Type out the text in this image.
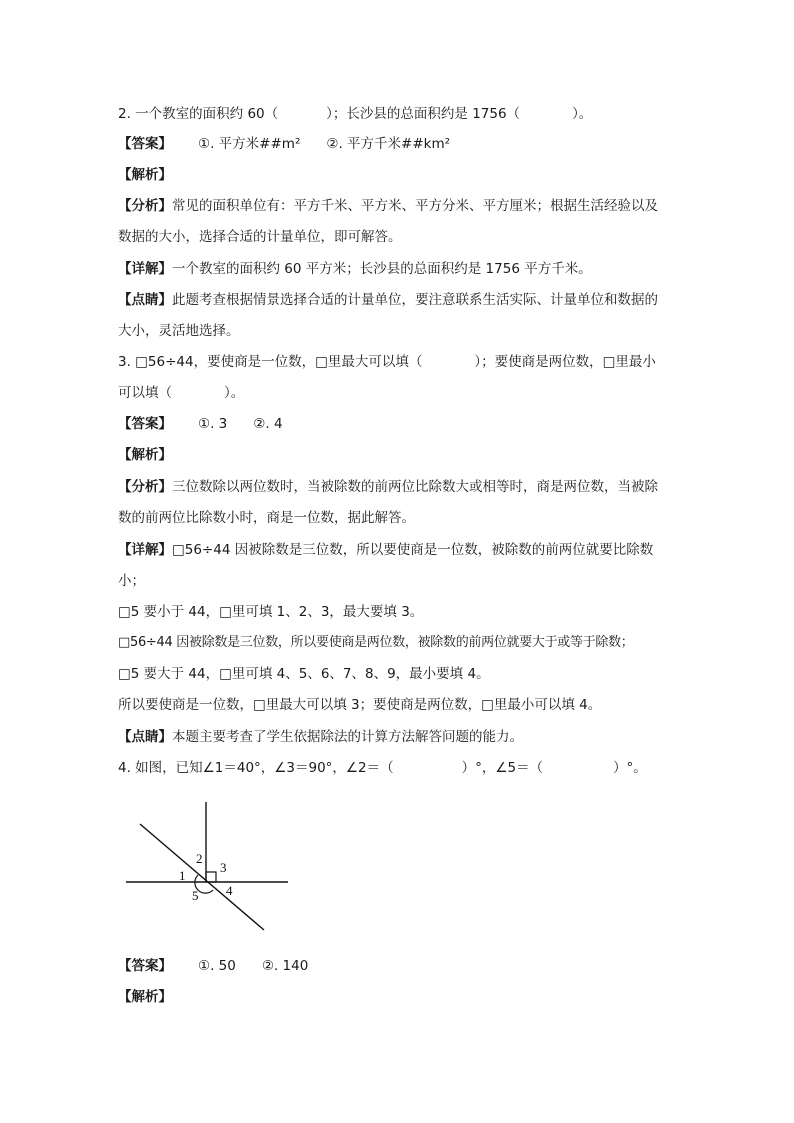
2. 一个教室的面积约 60（	）；长沙县的总面积约是 1756（	）。
【答案】 ①. 平方米##m² ②. 平方千米##km²
【解析】
【分析】常见的面积单位有：平方千米、平方米、平方分米、平方厘米；根据生活经验以及
数据的大小，选择合适的计量单位，即可解答。
【详解】一个教室的面积约 60 平方米；长沙县的总面积约是 1756 平方千米。
【点睛】此题考查根据情景选择合适的计量单位，要注意联系生活实际、计量单位和数据的
大小，灵活地选择。
3. □56÷44，要使商是一位数，□里最大可以填（	）；要使商是两位数，□里最小
可以填（	）。
【答案】 ①. 3 ②. 4
【解析】
【分析】三位数除以两位数时，当被除数的前两位比除数大或相等时，商是两位数，当被除
数的前两位比除数小时，商是一位数，据此解答。
【详解】□56÷44 因被除数是三位数，所以要使商是一位数，被除数的前两位就要比除数
小；
□5 要小于 44，□里可填 1、2、3，最大要填 3。
□56÷44 因被除数是三位数，所以要使商是两位数，被除数的前两位就要大于或等于除数；
□5 要大于 44，□里可填 4、5、6、7、8、9，最小要填 4。
所以要使商是一位数，□里最大可以填 3；要使商是两位数，□里最小可以填 4。
【点睛】本题主要考查了学生依据除法的计算方法解答问题的能力。
4. 如图，已知∠1＝40°，∠3＝90°，∠2＝（	）°，∠5＝（	）°。
2
3
1
4
5
【答案】 ①. 50 ②. 140
【解析】
